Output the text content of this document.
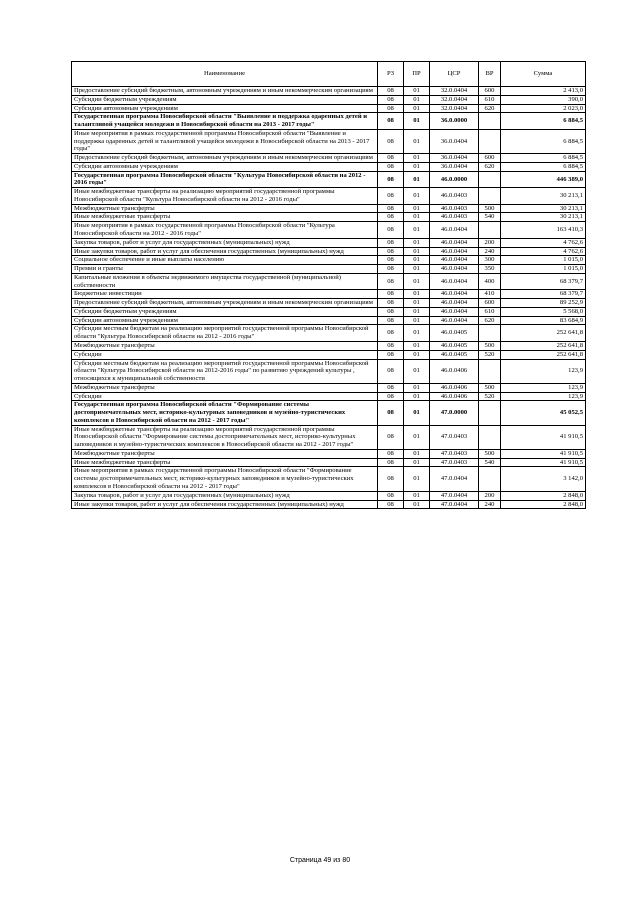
Наименование	РЗ	ПР	ЦСР	ВР	Сумма
Предоставление субсидий бюджетным, автономным учреждениям и иным некоммерческим организациям	08	01	32.0.0404	600	2 413,0
Субсидии бюджетным учреждениям	08	01	32.0.0404	610	390,0
Субсидии автономным учреждениям	08	01	32.0.0404	620	2 023,0
Государственная программа Новосибирской области "Выявление и поддержка одаренных детей и талантливой учащейся молодежи в Новосибирской области на 2013 - 2017 годы"	08	01	36.0.0000		6 884,5
Иные мероприятия в рамках государственной программы Новосибирской области "Выявление и поддержка одаренных детей и талантливой учащейся молодежи в Новосибирской области на 2013 - 2017 годы"	08	01	36.0.0404		6 884,5
Предоставление субсидий бюджетным, автономным учреждениям и иным некоммерческим организациям	08	01	36.0.0404	600	6 884,5
Субсидии автономным учреждениям	08	01	36.0.0404	620	6 884,5
Государственная программа Новосибирской области "Культура Новосибирской области на 2012 - 2016 годы"	08	01	46.0.0000		446 389,0
Иные межбюджетные трансферты на реализацию мероприятий государственной программы Новосибирской области "Культура Новосибирской области на 2012 - 2016 годы"	08	01	46.0.0403		30 213,1
Межбюджетные трансферты	08	01	46.0.0403	500	30 213,1
Иные межбюджетные трансферты	08	01	46.0.0403	540	30 213,1
Иные мероприятия в рамках государственной программы Новосибирской области "Культура Новосибирской области на 2012 - 2016 годы"	08	01	46.0.0404		163 410,3
Закупка товаров, работ и услуг для государственных (муниципальных) нужд	08	01	46.0.0404	200	4 762,6
Иные закупки товаров, работ и услуг для обеспечения государственных (муниципальных) нужд	08	01	46.0.0404	240	4 762,6
Социальное обеспечение и иные выплаты населению	08	01	46.0.0404	300	1 015,0
Премии и гранты	08	01	46.0.0404	350	1 015,0
Капитальные вложения в объекты недвижимого имущества государственной (муниципальной) собственности	08	01	46.0.0404	400	68 379,7
Бюджетные инвестиции	08	01	46.0.0404	410	68 379,7
Предоставление субсидий бюджетным, автономным учреждениям и иным некоммерческим организациям	08	01	46.0.0404	600	89 252,9
Субсидии бюджетным учреждениям	08	01	46.0.0404	610	5 568,0
Субсидии автономным учреждениям	08	01	46.0.0404	620	83 684,9
Субсидии местным бюджетам на реализацию мероприятий государственной программы Новосибирской области "Культура Новосибирской области на 2012 - 2016 годы"	08	01	46.0.0405		252 641,8
Межбюджетные трансферты	08	01	46.0.0405	500	252 641,8
Субсидии	08	01	46.0.0405	520	252 641,8
Субсидии местным бюджетам на реализацию мероприятий государственной программы Новосибирской области "Культура Новосибирской области на 2012-2016 годы" по развитию учреждений культуры , относящихся к муниципальной собственности	08	01	46.0.0406		123,9
Межбюджетные трансферты	08	01	46.0.0406	500	123,9
Субсидии	08	01	46.0.0406	520	123,9
Государственная программа Новосибирской области "Формирование системы достопримечательных мест, историко-культурных заповедников и музейно-туристических комплексов в Новосибирской области на 2012 - 2017 годы"	08	01	47.0.0000		45 052,5
Иные межбюджетные трансферты на реализацию мероприятий государственной программы Новосибирской области "Формирование системы достопримечательных мест, историко-культурных заповедников и музейно-туристических комплексов в Новосибирской области на 2012 - 2017 годы"	08	01	47.0.0403		41 910,5
Межбюджетные трансферты	08	01	47.0.0403	500	41 910,5
Иные межбюджетные трансферты	08	01	47.0.0403	540	41 910,5
Иные мероприятия в рамках государственной программы Новосибирской области "Формирование системы достопримечательных мест, историко-культурных заповедников и музейно-туристических комплексов в Новосибирской области на 2012 - 2017 годы"	08	01	47.0.0404		3 142,0
Закупка товаров, работ и услуг для государственных (муниципальных) нужд	08	01	47.0.0404	200	2 848,0
Иные закупки товаров, работ и услуг для обеспечения государственных (муниципальных) нужд	08	01	47.0.0404	240	2 848,0
Страница 49 из 80
